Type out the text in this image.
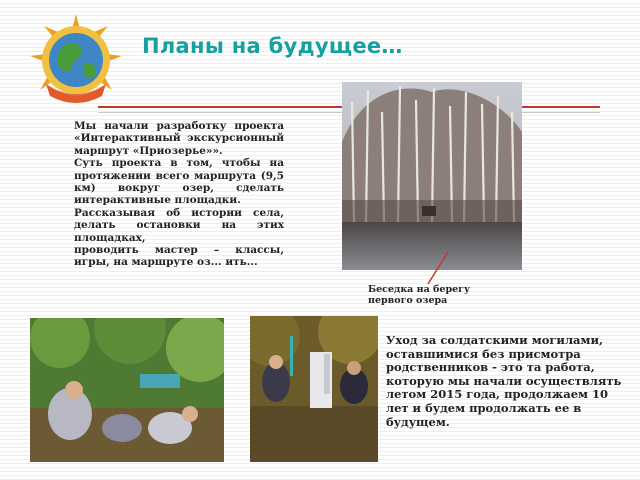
Планы на будущее…

Мы начали разработку проекта «Интерактивный экскурсионный маршрут «Приозерье»».

Суть проекта в том, чтобы на протяжении всего маршрута (9,5 км) вокруг озер, сделать интерактивные площадки.

Рассказывая об истории села, делать остановки на этих площадках,

проводить мастер – классы, игры, на маршруте оз... ить...

Беседка на берегу первого озера
Уход за солдатскими могилами, оставшимися без присмотра родственников - это та работа, которую мы начали осуществлять летом 2015 года, продолжаем 10 лет и будем продолжать ее в будущем.
